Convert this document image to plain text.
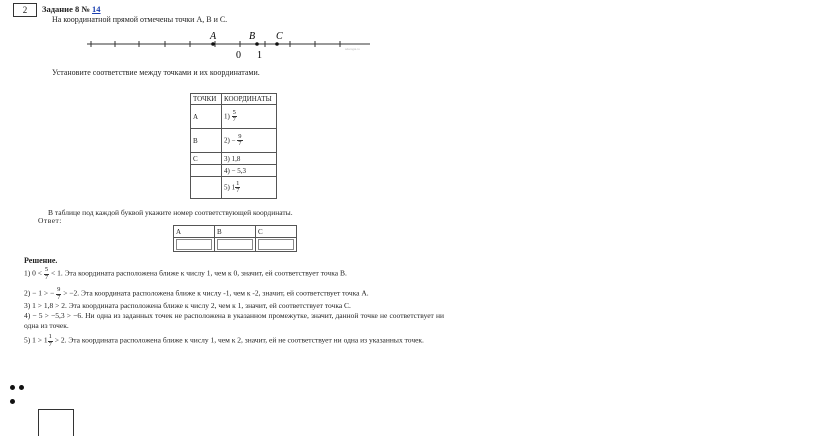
2	Задание 8 № 14
На координатной прямой отмечены точки A, B и C.
A	B C
0 1
sdamgia.ru
Установите соответствие между точками и их координатами.
ТОЧКИ	КООРДИНАТЫ
A	$1) \frac{5}{7}$

B	$2) - \frac{9}{7}$

C	3) 1,8
	4) − 5,3
	5) $1 \frac{1}{7}$
В таблице под каждой буквой укажите номер соответствующей координаты.
Ответ:
A	B	C

Решение.
1) $0 < \frac{5}{7} < 1$. Эта координата расположена ближе к числу 1, чем к 0, значит, ей соответствует точка B.
2) − 1 > − $\frac{9}{7} > -2$. Эта координата расположена ближе к числу -1, чем к -2, значит, ей соответствует точка A.
3) 1 > 1,8 > 2. Эта координата расположена ближе к числу 2, чем к 1, значит, ей соответствует точка C.
4) − 5 > −5,3 > −6. Ни одна из заданных точек не расположена в указанном промежутке, значит, данной точке не соответствует ни одна из точек.
5) $1 > 1 \frac{1}{7} > 2$. Эта координата расположена ближе к числу 1, чем к 2, значит, ей не соответствует ни одна из указанных точек.
